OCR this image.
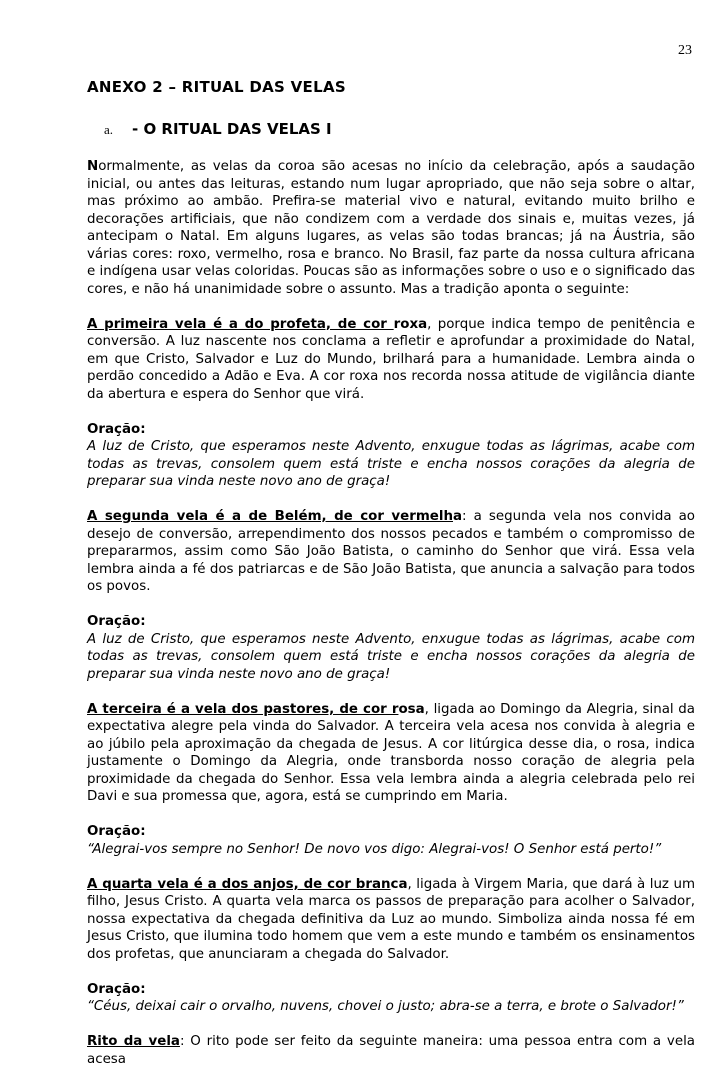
23
ANEXO 2 – RITUAL DAS VELAS
a. - O RITUAL DAS VELAS I

Normalmente, as velas da coroa são acesas no início da celebração, após a saudação inicial, ou antes das leituras, estando num lugar apropriado, que não seja sobre o altar, mas próximo ao ambão. Prefira-se material vivo e natural, evitando muito brilho e decorações artificiais, que não condizem com a verdade dos sinais e, muitas vezes, já antecipam o Natal. Em alguns lugares, as velas são todas brancas; já na Áustria, são várias cores: roxo, vermelho, rosa e branco. No Brasil, faz parte da nossa cultura africana e indígena usar velas coloridas. Poucas são as informações sobre o uso e o significado das cores, e não há unanimidade sobre o assunto. Mas a tradição aponta o seguinte:

A primeira vela é a do profeta, de cor roxa, porque indica tempo de penitência e conversão. A luz nascente nos conclama a refletir e aprofundar a proximidade do Natal, em que Cristo, Salvador e Luz do Mundo, brilhará para a humanidade. Lembra ainda o perdão concedido a Adão e Eva. A cor roxa nos recorda nossa atitude de vigilância diante da abertura e espera do Senhor que virá.

Oração:
A luz de Cristo, que esperamos neste Advento, enxugue todas as lágrimas, acabe com todas as trevas, consolem quem está triste e encha nossos corações da alegria de preparar sua vinda neste novo ano de graça!

A segunda vela é a de Belém, de cor vermelha: a segunda vela nos convida ao desejo de conversão, arrependimento dos nossos pecados e também o compromisso de prepararmos, assim como São João Batista, o caminho do Senhor que virá. Essa vela lembra ainda a fé dos patriarcas e de São João Batista, que anuncia a salvação para todos os povos.

Oração:
A luz de Cristo, que esperamos neste Advento, enxugue todas as lágrimas, acabe com todas as trevas, consolem quem está triste e encha nossos corações da alegria de preparar sua vinda neste novo ano de graça!

A terceira é a vela dos pastores, de cor rosa, ligada ao Domingo da Alegria, sinal da expectativa alegre pela vinda do Salvador. A terceira vela acesa nos convida à alegria e ao júbilo pela aproximação da chegada de Jesus. A cor litúrgica desse dia, o rosa, indica justamente o Domingo da Alegria, onde transborda nosso coração de alegria pela proximidade da chegada do Senhor. Essa vela lembra ainda a alegria celebrada pelo rei Davi e sua promessa que, agora, está se cumprindo em Maria.

Oração:
“Alegrai-vos sempre no Senhor! De novo vos digo: Alegrai-vos! O Senhor está perto!”

A quarta vela é a dos anjos, de cor branca, ligada à Virgem Maria, que dará à luz um filho, Jesus Cristo. A quarta vela marca os passos de preparação para acolher o Salvador, nossa expectativa da chegada definitiva da Luz ao mundo. Simboliza ainda nossa fé em Jesus Cristo, que ilumina todo homem que vem a este mundo e também os ensinamentos dos profetas, que anunciaram a chegada do Salvador.

Oração:
“Céus, deixai cair o orvalho, nuvens, chovei o justo; abra-se a terra, e brote o Salvador!”

Rito da vela: O rito pode ser feito da seguinte maneira: uma pessoa entra com a vela acesa
